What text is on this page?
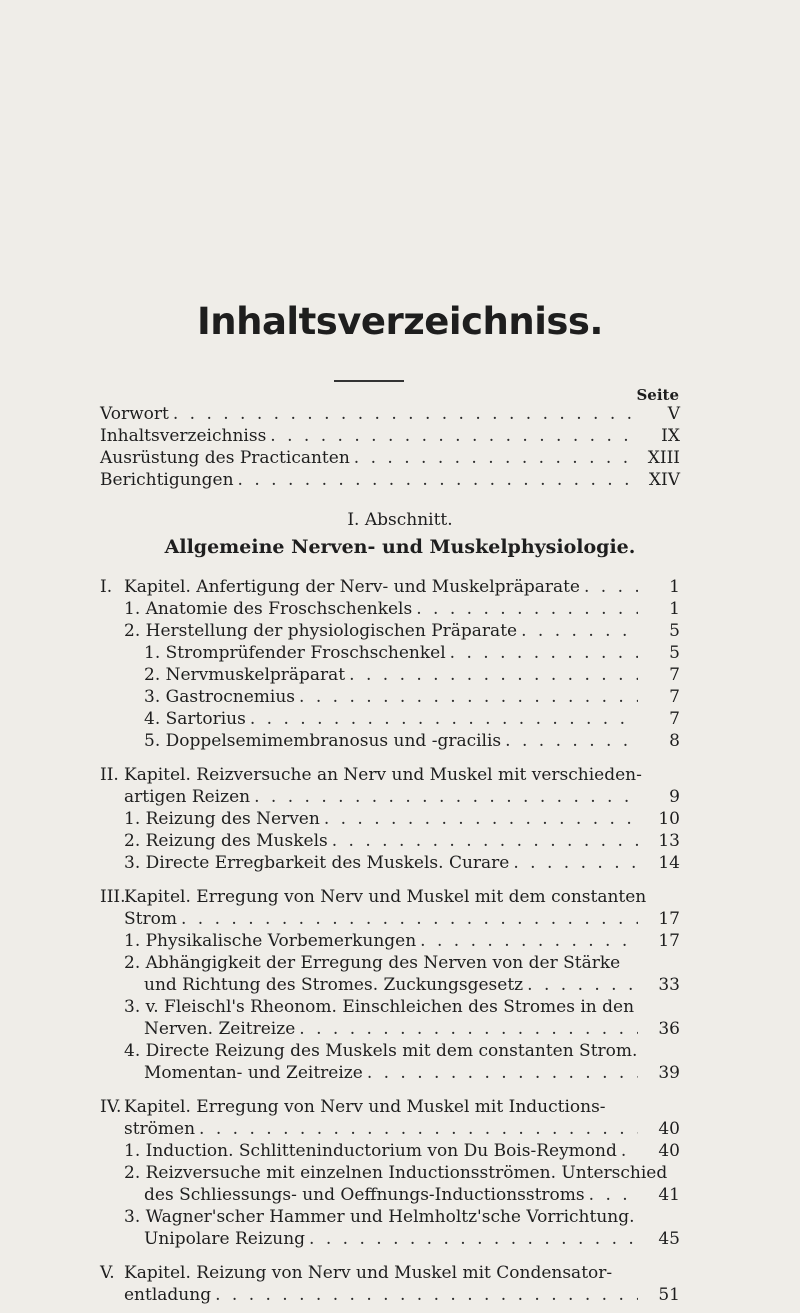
Inhaltsverzeichniss.
Seite
Vorwort . . .	V
Inhaltsverzeichniss . . .	IX
Ausrüstung des Practicanten . . .	XIII
Berichtigungen . . .	XIV
I. Abschnitt.
Allgemeine Nerven- und Muskelphysiologie.
I. Kapitel. Anfertigung der Nerv- und Muskelpräparate . . .	1
1. Anatomie des Froschschenkels . . .	1
2. Herstellung der physiologischen Präparate . . .	5
1. Stromprüfender Froschschenkel . . .	5
2. Nervmuskelpräparat . . .	7
3. Gastrocnemius . . .	7
4. Sartorius . . .	7
5. Doppelsemimembranosus und -gracilis . . .	8
II. Kapitel. Reizversuche an Nerv und Muskel mit verschieden-
artigen Reizen . . .	9
1. Reizung des Nerven . . .	10
2. Reizung des Muskels . . .	13
3. Directe Erregbarkeit des Muskels. Curare . . .	14
III.
Kapitel. Erregung von Nerv und Muskel mit dem constanten
Strom . . .	17
1. Physikalische Vorbemerkungen . . .	17
2. Abhängigkeit der Erregung des Nerven von der Stärke
und Richtung des Stromes. Zuckungsgesetz . . .	33
3. v. Fleischl's Rheonom. Einschleichen des Stromes in den
Nerven. Zeitreize . . .	36
4. Directe Reizung des Muskels mit dem constanten Strom.
Momentan- und Zeitreize . . .	39
IV. Kapitel. Erregung von Nerv und Muskel mit Inductions-
strömen . . .	40
1. Induction. Schlitteninductorium von Du Bois-Reymond . . .	40
2. Reizversuche mit einzelnen Inductionsströmen. Unterschied
des Schliessungs- und Oeffnungs-Inductionsstroms . . .	41
3. Wagner'scher Hammer und Helmholtz'sche Vorrichtung.
Unipolare Reizung . . .	45
V. Kapitel. Reizung von Nerv und Muskel mit Condensator-
entladung . . .	51
